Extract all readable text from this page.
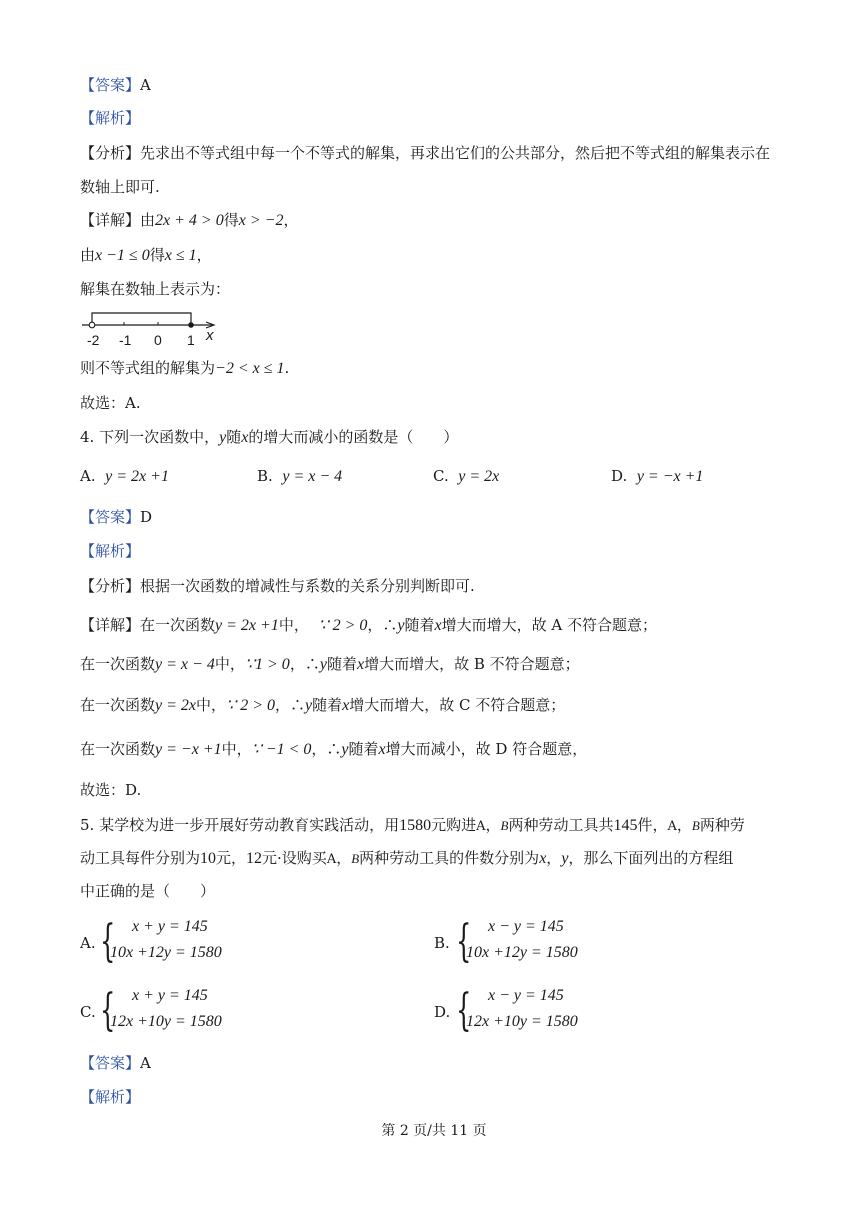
【答案】A
【解析】
【分析】先求出不等式组中每一个不等式的解集，再求出它们的公共部分，然后把不等式组的解集表示在
数轴上即可.
【详解】由2x + 4 > 0得x > −2，
由x −1 ≤ 0得x ≤ 1，
解集在数轴上表示为：
-2 -1 0 1 x
则不等式组的解集为−2 < x ≤ 1.
故选：A.
4. 下列一次函数中，y随x的增大而减小的函数是（　　）
A. y = 2x +1	B. y = x − 4	C. y = 2x	D. y = −x +1
【答案】D
【解析】
【分析】根据一次函数的增减性与系数的关系分别判断即可.
【详解】在一次函数y = 2x +1中， ∵ 2 > 0，∴y随着x增大而增大，故 A 不符合题意；
在一次函数y = x − 4中，∵1 > 0，∴y随着x增大而增大，故 B 不符合题意；
在一次函数y = 2x中，∵ 2 > 0，∴y随着x增大而增大，故 C 不符合题意；
在一次函数y = −x +1中，∵ −1 < 0，∴y随着x增大而减小，故 D 符合题意，
故选：D.
5. 某学校为进一步开展好劳动教育实践活动，用1580元购进A，B两种劳动工具共145件，A，B两种劳
动工具每件分别为10元，12元·设购买A，B两种劳动工具的件数分别为x，y，那么下面列出的方程组
中正确的是（　　）
A. { x + y = 145
10x +12y = 1580
B. { x − y = 145
10x +12y = 1580
C. { x + y = 145
12x +10y = 1580
D. { x − y = 145
12x +10y = 1580
【答案】A
【解析】
第 2 页/共 11 页
